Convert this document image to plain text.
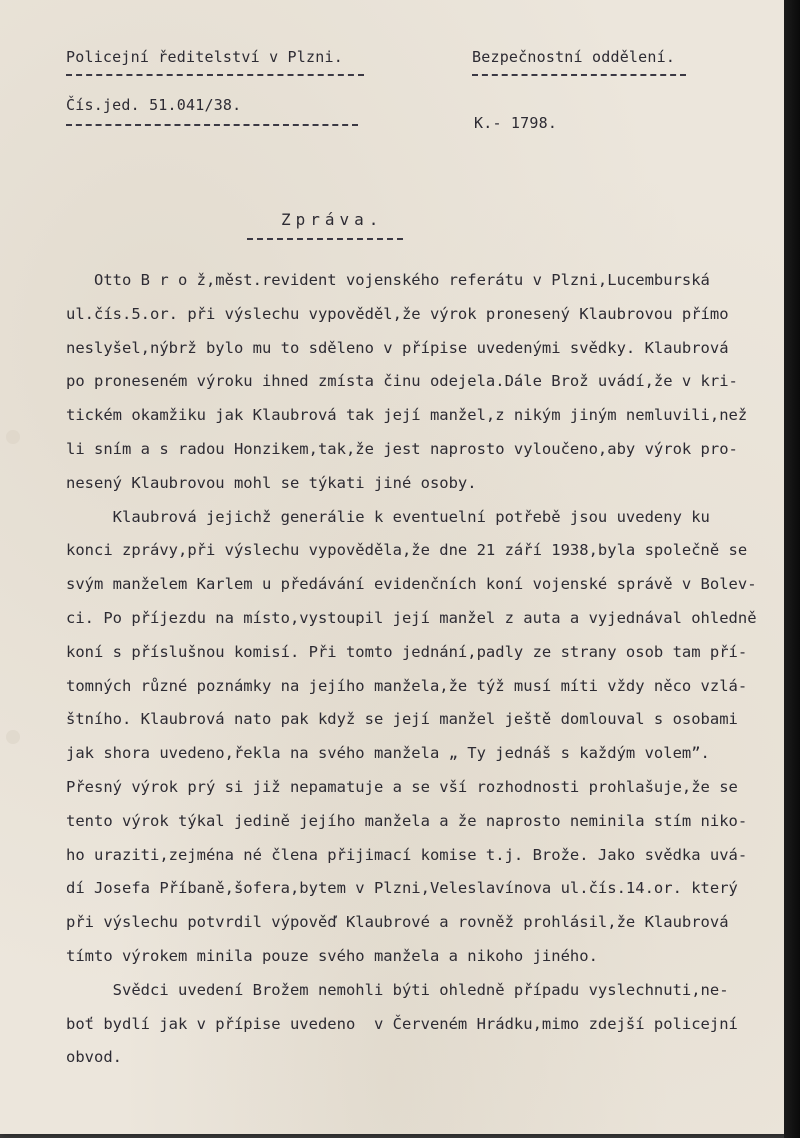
Policejní ředitelství v Plzni.	Bezpečnostní oddělení.
Čís.jed. 51.041/38.
K.- 1798.
Zpráva.
Otto B r o ž,měst.revident vojenského referátu v Plzni,Lucemburská
ul.čís.5.or. při výslechu vypověděl,že výrok pronesený Klaubrovou přímo
neslyšel,nýbrž bylo mu to sděleno v přípise uvedenými svědky. Klaubrová
po proneseném výroku ihned zmísta činu odejela.Dále Brož uvádí,že v kri-
tickém okamžiku jak Klaubrová tak její manžel,z nikým jiným nemluvili,než
li sním a s radou Honzikem,tak,že jest naprosto vyloučeno,aby výrok pro-
nesený Klaubrovou mohl se týkati jiné osoby.
Klaubrová jejichž generálie k eventuelní potřebě jsou uvedeny ku
konci zprávy,při výslechu vypověděla,že dne 21 září 1938,byla společně se
svým manželem Karlem u předávání evidenčních koní vojenské správě v Bolev-
ci. Po příjezdu na místo,vystoupil její manžel z auta a vyjednával ohledně
koní s příslušnou komisí. Při tomto jednání,padly ze strany osob tam pří-
tomných různé poznámky na jejího manžela,že týž musí míti vždy něco vzlá-
štního. Klaubrová nato pak když se její manžel ještě domlouval s osobami
jak shora uvedeno,řekla na svého manžela „ Ty jednáš s každým volem”.
Přesný výrok prý si již nepamatuje a se vší rozhodnosti prohlašuje,že se
tento výrok týkal jedině jejího manžela a že naprosto neminila stím niko-
ho uraziti,zejména né člena přijimací komise t.j. Brože. Jako svědka uvá-
dí Josefa Příbaně,šofera,bytem v Plzni,Veleslavínova ul.čís.14.or. který
při výslechu potvrdil výpověď Klaubrové a rovněž prohlásil,že Klaubrová
tímto výrokem minila pouze svého manžela a nikoho jiného.
Svědci uvedení Brožem nemohli býti ohledně případu vyslechnuti,ne-
boť bydlí jak v přípise uvedeno  v Červeném Hrádku,mimo zdejší policejní
obvod.
